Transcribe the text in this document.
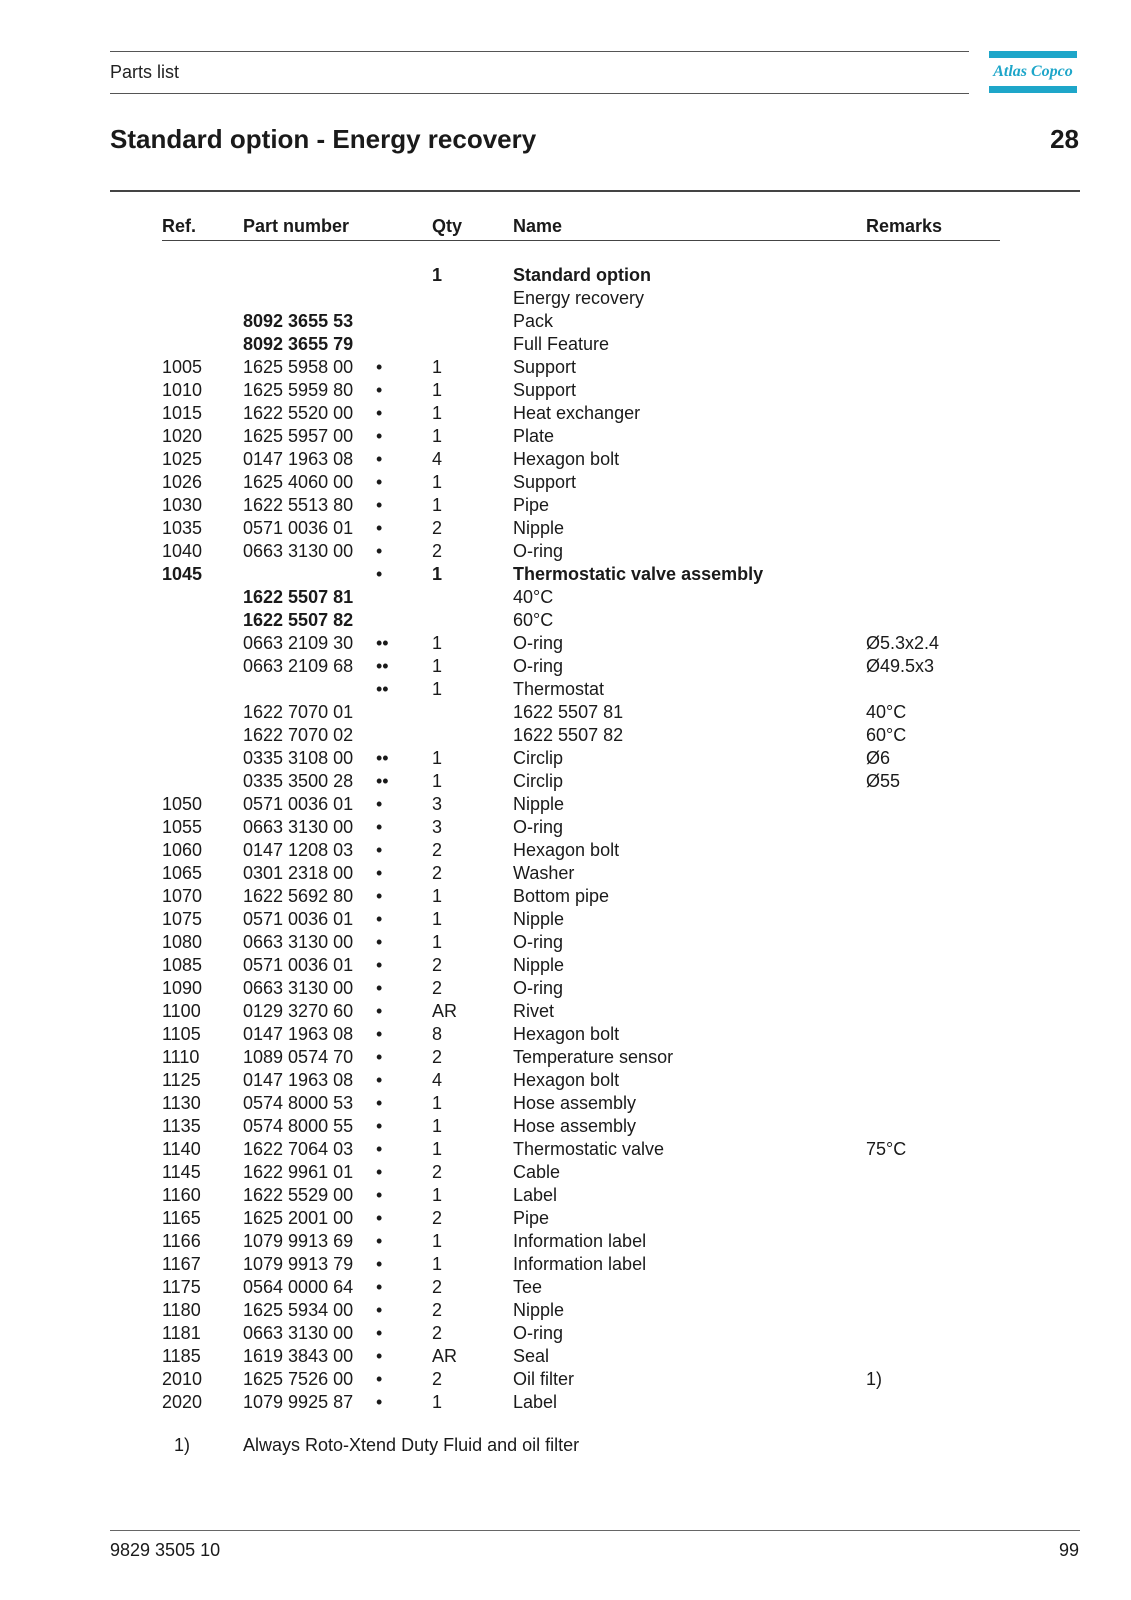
Parts list	Atlas Copco
Standard option - Energy recovery	28
Ref.	Part number	Qty	Name	Remarks
1	Standard option
Energy recovery
8092 3655 53	Pack
8092 3655 79	Full Feature
1005 1625 5958 00 •	1	Support
1010 1625 5959 80 •	1	Support
1015 1622 5520 00 •	1	Heat exchanger
1020 1625 5957 00 •	1	Plate
1025 0147 1963 08 •	4	Hexagon bolt
1026 1625 4060 00 •	1	Support
1030 1622 5513 80 •	1	Pipe
1035 0571 0036 01 •	2	Nipple
1040 0663 3130 00 •	2	O-ring
1045	•	1	Thermostatic valve assembly
1622 5507 81	40°C
1622 5507 82	60°C
0663 2109 30 •• 1	O-ring	Ø5.3x2.4
0663 2109 68 •• 1	O-ring	Ø49.5x3
•• 1	Thermostat
1622 7070 01	1622 5507 81	40°C
1622 7070 02	1622 5507 82	60°C
0335 3108 00 •• 1	Circlip	Ø6
0335 3500 28 •• 1	Circlip	Ø55
1050 0571 0036 01 •	3	Nipple
1055 0663 3130 00 •	3	O-ring
1060 0147 1208 03 •	2	Hexagon bolt
1065 0301 2318 00 •	2	Washer
1070 1622 5692 80 •	1	Bottom pipe
1075 0571 0036 01 •	1	Nipple
1080 0663 3130 00 •	1	O-ring
1085 0571 0036 01 •	2	Nipple
1090 0663 3130 00 •	2	O-ring
1100 0129 3270 60 •	AR	Rivet
1105 0147 1963 08 •	8	Hexagon bolt
1110 1089 0574 70 •	2	Temperature sensor
1125 0147 1963 08 •	4	Hexagon bolt
1130 0574 8000 53 •	1	Hose assembly
1135 0574 8000 55 •	1	Hose assembly
1140 1622 7064 03 •	1	Thermostatic valve	75°C
1145 1622 9961 01 •	2	Cable
1160 1622 5529 00 •	1	Label
1165 1625 2001 00 •	2	Pipe
1166 1079 9913 69 •	1	Information label
1167 1079 9913 79 •	1	Information label
1175 0564 0000 64 •	2	Tee
1180 1625 5934 00 •	2	Nipple
1181 0663 3130 00 •	2	O-ring
1185 1619 3843 00 •	AR	Seal
2010 1625 7526 00 •	2	Oil filter	1)
2020 1079 9925 87 •	1	Label
1)	Always Roto-Xtend Duty Fluid and oil filter
9829 3505 10	99
